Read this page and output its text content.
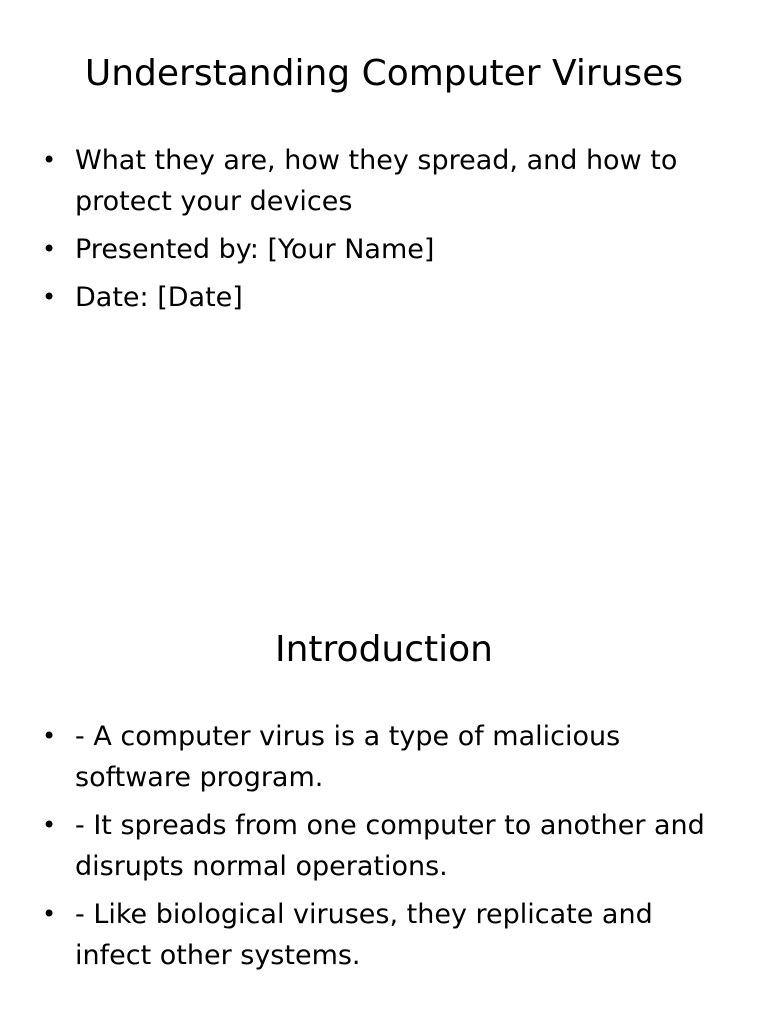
Understanding Computer Viruses
• What they are, how they spread, and how to protect your devices
• Presented by: [Your Name]
• Date: [Date]
Introduction
• - A computer virus is a type of malicious software program.
• - It spreads from one computer to another and disrupts normal operations.
• - Like biological viruses, they replicate and infect other systems.
